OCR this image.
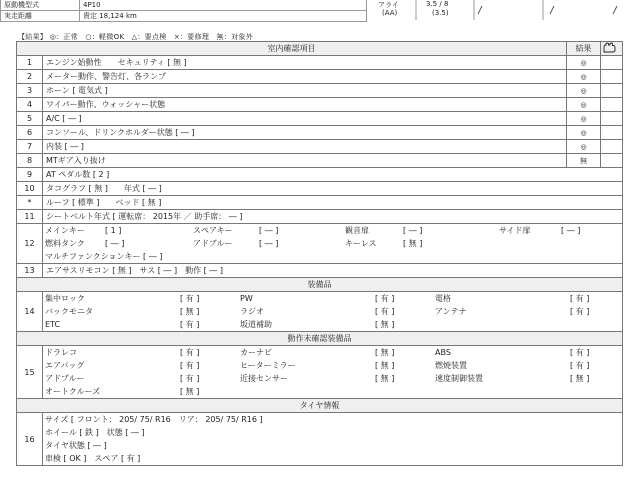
原動機型式	4P10
実走距離	貴定 18,124 km
アライ
(AA)
3.5 / 8
(3.5)
【結果】 ◎：正常　○：軽微OK　△：要点検　×：要修理　無：対象外
室内確認項目	結果	
1	エンジン始動性　　セキュリティ [ 無 ]	◎	
2	メーター動作、警告灯、各ランプ	◎	
3	ホーン [ 電気式 ]	◎	
4	ワイパー動作、ウォッシャー状態	◎	
5	A/C [ ― ]	◎	
6	コンソール、ドリンクホルダー状態 [ ― ]	◎	
7	内装 [ ― ]	◎	
8	MTギア入り抜け	無	
9	AT ペダル数 [ 2 ]
10	タコグラフ [ 無 ]　　年式 [ ― ]
*	ルーフ [ 標準 ]　　ベッド [ 無 ]
11	シートベルト年式 [ 運転席： 2015年 ／ 助手席： ― ]
12	
メインキー	[ 1 ]	スペアキー	[ ― ]	観音扉	[ ― ]	サイド扉	[ ― ]
燃料タンク	[ ― ]	アドブルー	[ ― ]	キーレス	[ 無 ]		
マルチファンクションキー [ ― ]

13	エアサスリモコン [ 無 ]　サス [ ― ]　動作 [ ― ]
装備品
14	
集中ロック	[ 有 ]	PW	[ 有 ]	電格	[ 有 ]
バックモニタ	[ 無 ]	ラジオ	[ 有 ]	アンテナ	[ 有 ]
ETC	[ 有 ]	坂道補助	[ 無 ]		

動作未確認装備品
15	
ドラレコ	[ 有 ]	カーナビ	[ 無 ]	ABS	[ 有 ]
エアバッグ	[ 有 ]	ヒーターミラー	[ 無 ]	燃焼装置	[ 有 ]
アドブルー	[ 有 ]	近接センサー	[ 無 ]	速度制御装置	[ 無 ]
オートクルーズ	[ 無 ]				

タイヤ情報
16	
サイズ [ フロント： 205/ 75/ R16　リア： 205/ 75/ R16 ]
ホイール [ 鉄 ]　状態 [ ― ]
タイヤ状態 [ ― ]
車検 [ OK ]　スペア [ 有 ]
